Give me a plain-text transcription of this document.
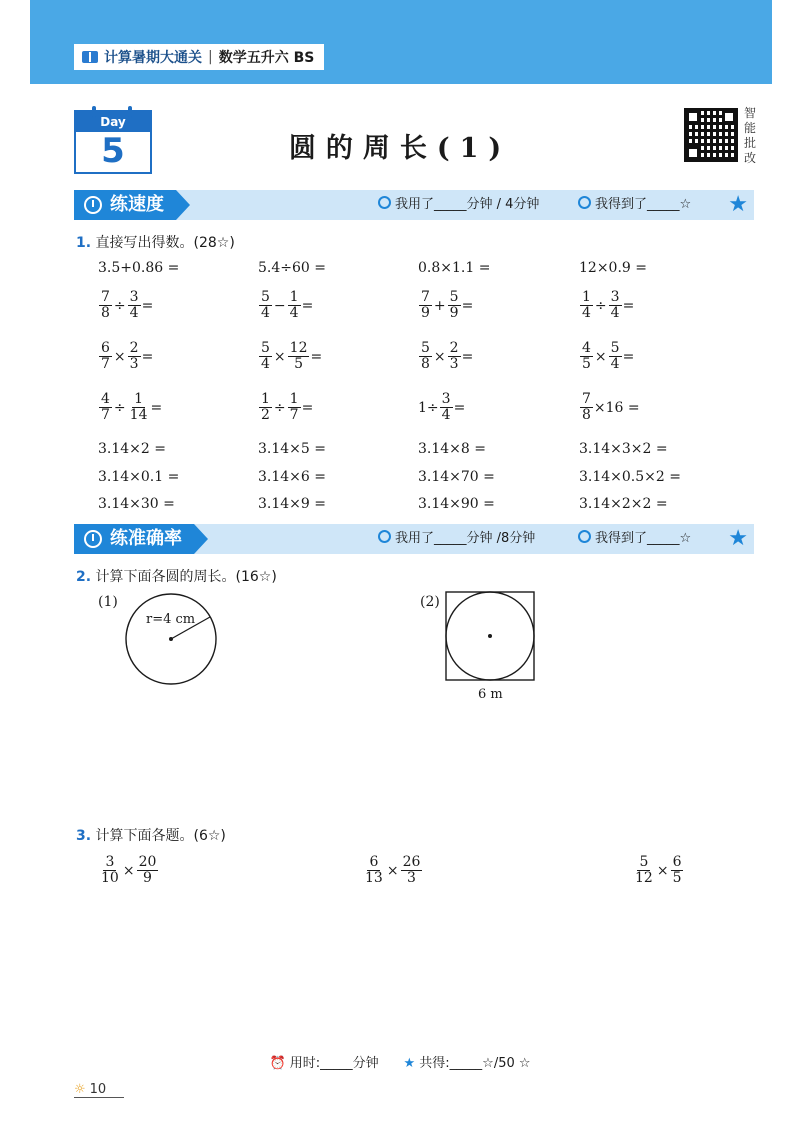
计算暑期大通关 | 数学五升六 BS
Day
5	圆的周长(1)
智能批改
练速度	我用了_____分钟 / 4分钟	我得到了_____☆ ★
1. 直接写出得数。(28☆)
3.5+0.86 =	5.4÷60 =	0.8×1.1 =	12×0.9 =
$\frac{7}{8} \div \frac{3}{4}$ =	$\frac{5}{4} - \frac{1}{4}$ =	$\frac{7}{9} + \frac{5}{9}$ =	$\frac{1}{4} \div \frac{3}{4}$ =
$\frac{6}{7} \times \frac{2}{3}$ =	$\frac{5}{4} \times \frac{12}{5}$ =	$\frac{5}{8} \times \frac{2}{3}$ =	$\frac{4}{5} \times \frac{5}{4}$ =
$\frac{4}{7} \div \frac{1}{14}$ =	$\frac{1}{2} \div \frac{1}{7}$ =	$1\div \frac{3}{4}$ =	$\frac{7}{8} \times 16$ =
3.14×2 =	3.14×5 =	3.14×8 =	3.14×3×2 =
3.14×0.1 =	3.14×6 =	3.14×70 =	3.14×0.5×2 =
3.14×30 =	3.14×9 =	3.14×90 =	3.14×2×2 =
练准确率	我用了_____分钟 /8分钟	我得到了_____☆ ★
2. 计算下面各圆的周长。(16☆)
(1)
r=4 cm
(2)
6 m
3. 计算下面各题。(6☆)
$\frac{3}{10} \times \frac{20}{9}$	$\frac{6}{13} \times \frac{26}{3}$	$\frac{5}{12} \times \frac{6}{5}$
⏰ 用时:_____分钟 ★ 共得:_____☆/50 ☆
☼ 10
